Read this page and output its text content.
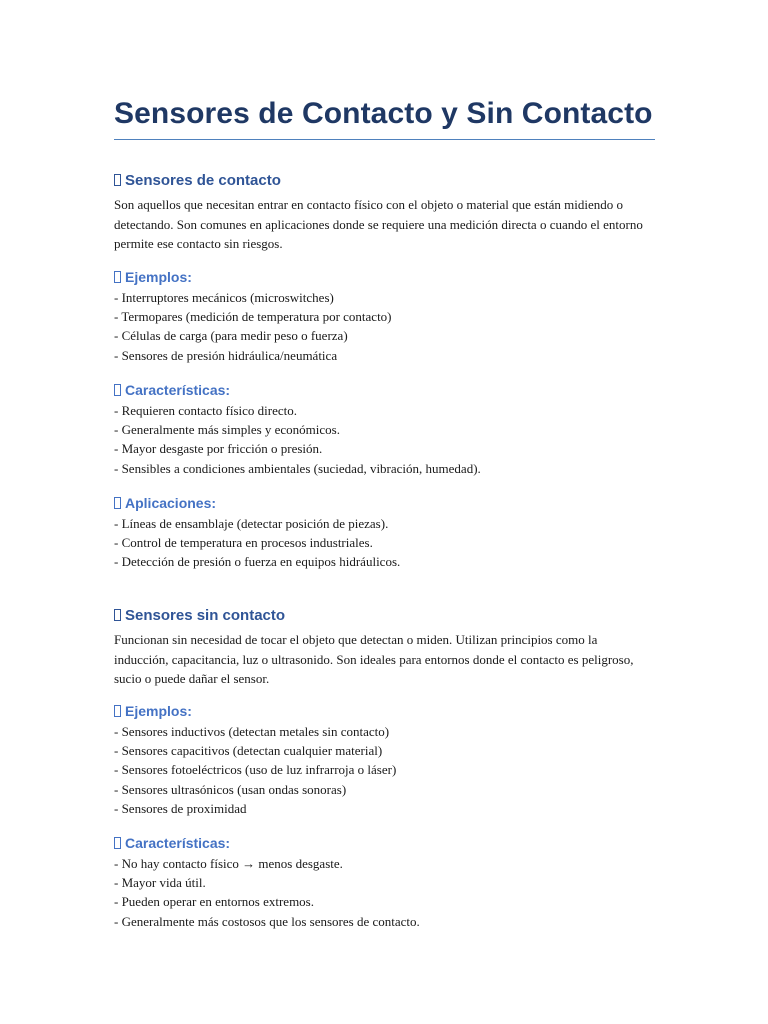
Sensores de Contacto y Sin Contacto
Sensores de contacto

Son aquellos que necesitan entrar en contacto físico con el objeto o material que están midiendo o detectando. Son comunes en aplicaciones donde se requiere una medición directa o cuando el entorno permite ese contacto sin riesgos.

Ejemplos:
- Interruptores mecánicos (microswitches)
- Termopares (medición de temperatura por contacto)
- Células de carga (para medir peso o fuerza)
- Sensores de presión hidráulica/neumática
Características:
- Requieren contacto físico directo.
- Generalmente más simples y económicos.
- Mayor desgaste por fricción o presión.
- Sensibles a condiciones ambientales (suciedad, vibración, humedad).
Aplicaciones:
- Líneas de ensamblaje (detectar posición de piezas).
- Control de temperatura en procesos industriales.
- Detección de presión o fuerza en equipos hidráulicos.
Sensores sin contacto

Funcionan sin necesidad de tocar el objeto que detectan o miden. Utilizan principios como la inducción, capacitancia, luz o ultrasonido. Son ideales para entornos donde el contacto es peligroso, sucio o puede dañar el sensor.

Ejemplos:
- Sensores inductivos (detectan metales sin contacto)
- Sensores capacitivos (detectan cualquier material)
- Sensores fotoeléctricos (uso de luz infrarroja o láser)
- Sensores ultrasónicos (usan ondas sonoras)
- Sensores de proximidad
Características:
- No hay contacto físico → menos desgaste.
- Mayor vida útil.
- Pueden operar en entornos extremos.
- Generalmente más costosos que los sensores de contacto.
